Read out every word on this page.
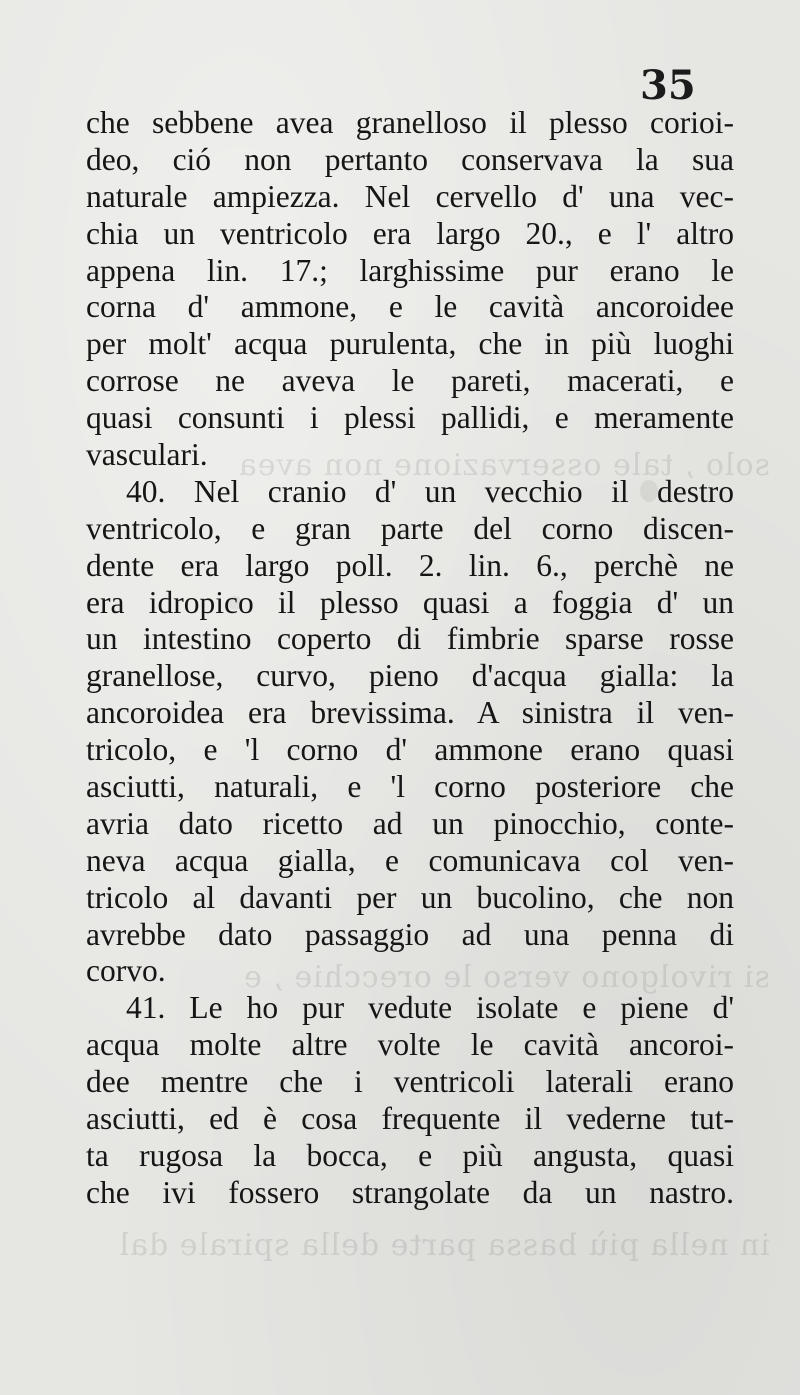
solo , tale osservazione non avea
si rivolgono verso le orecchie , e
in nella più bassa parte della spirale dal
35
che sebbene avea granelloso il plesso corioi-
deo, ció non pertanto conservava la sua
naturale ampiezza. Nel cervello d' una vec-
chia un ventricolo era largo 20., e l' altro
appena lin. 17.; larghissime pur erano le
corna d' ammone, e le cavità ancoroidee
per molt' acqua purulenta, che in più luoghi
corrose ne aveva le pareti, macerati, e
quasi consunti i plessi pallidi, e meramente
vasculari.
40. Nel cranio d' un vecchio il destro
ventricolo, e gran parte del corno discen-
dente era largo poll. 2. lin. 6., perchè ne
era idropico il plesso quasi a foggia d' un
un intestino coperto di fimbrie sparse rosse
granellose, curvo, pieno d'acqua gialla: la
ancoroidea era brevissima. A sinistra il ven-
tricolo, e 'l corno d' ammone erano quasi
asciutti, naturali, e 'l corno posteriore che
avria dato ricetto ad un pinocchio, conte-
neva acqua gialla, e comunicava col ven-
tricolo al davanti per un bucolino, che non
avrebbe dato passaggio ad una penna di
corvo.
41. Le ho pur vedute isolate e piene d'
acqua molte altre volte le cavità ancoroi-
dee mentre che i ventricoli laterali erano
asciutti, ed è cosa frequente il vederne tut-
ta rugosa la bocca, e più angusta, quasi
che ivi fossero strangolate da un nastro.
